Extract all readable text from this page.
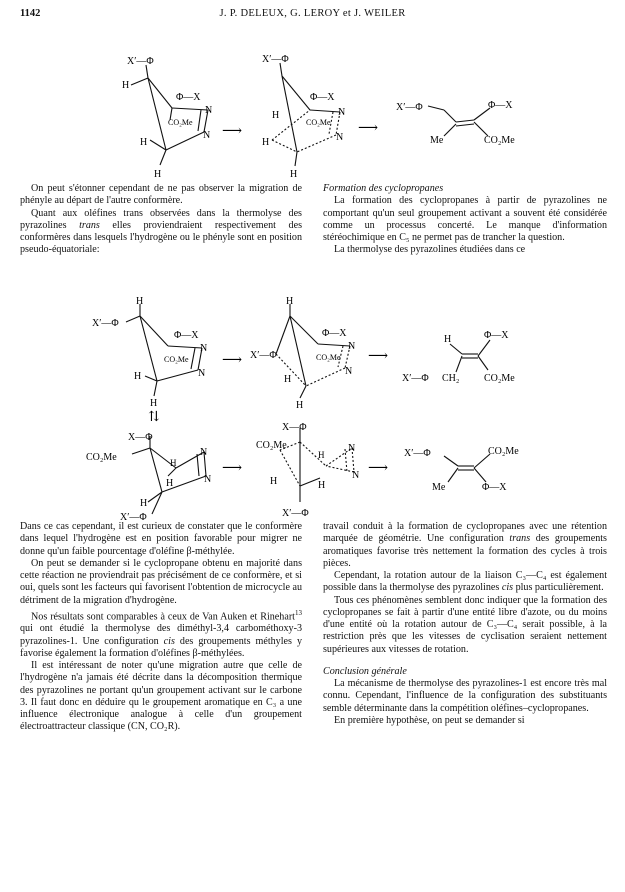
1142	J. P. DELEUX, G. LEROY et J. WEILER
X′—Φ
H
Φ—X
CO₂Me
N
N
H
H
⟶
X′—Φ
Φ—X
CO₂Me
N
N
H
H
H
⟶
X′—Φ	Φ—X
Me	CO₂Me

On peut s'étonner cependant de ne pas observer la migration de phényle au départ de l'autre conformère.

Quant aux oléfines trans observées dans la thermolyse des pyrazolines trans elles proviendraient respectivement des conformères dans lesquels l'hydrogène ou le phényle sont en position pseudo-équatoriale:

Formation des cyclopropanes

La formation des cyclopropanes à partir de pyrazolines ne comportant qu'un seul groupement activant a souvent été considérée comme un processus concerté. Le manque d'information stéréochimique en C₅ ne permet pas de trancher la question.

La thermolyse des pyrazolines étudiées dans ce

H
X′—Φ
Φ—X
CO₂Me
N
N
H
H
⟶
H
X′—Φ
Φ—X
CO₂Me
N
N
H
H
⟶
H	Φ—X
X′—Φ CH₂ CO₂Me
⇅
X—Φ
CO₂Me	H
N
N
H
H
X′—Φ
⟶
X—Φ
CO₂Me
H
N
N
H	H
X′—Φ
⟶
X′—Φ	CO₂Me
Me	Φ—X

Dans ce cas cependant, il est curieux de constater que le conformère dans lequel l'hydrogène est en position favorable pour migrer ne donne qu'un faible pourcentage d'oléfine β-méthylée.

On peut se demander si le cyclopropane obtenu en majorité dans cette réaction ne proviendrait pas précisément de ce conformère, et si oui, quels sont les facteurs qui favorisent l'obtention de microcycle au détriment de la migration d'hydrogène.

Nos résultats sont comparables à ceux de Van Auken et Rinehart$^{13}$ qui ont étudié la thermolyse des diméthyl-3,4 carbométhoxy-3 pyrazolines-1. Une configuration cis des groupements méthyles y favorise également la formation d'oléfines β-méthylées.

Il est intéressant de noter qu'une migration autre que celle de l'hydrogène n'a jamais été décrite dans la décomposition thermique des pyrazolines ne portant qu'un groupement activant sur le carbone 3. Il faut donc en déduire qu le groupement aromatique en C₃ a une influence électronique analogue à celle d'un groupement électroattracteur classique (CN, CO₂R).

travail conduit à la formation de cyclopropanes avec une rétention marquée de géométrie. Une configuration trans des groupements aromatiques favorise très nettement la formation des cycles à trois pièces.

Cependant, la rotation autour de la liaison C₃—C₄ est également possible dans la thermolyse des pyrazolines cis plus particulièrement.

Tous ces phénomènes semblent donc indiquer que la formation des cyclopropanes se fait à partir d'une entité libre d'azote, ou du moins d'une entité où la rotation autour de C₃—C₄ serait possible, à la restriction près que les vitesses de cyclisation seraient nettement supérieures aux vitesses de rotation.

Conclusion générale

La mécanisme de thermolyse des pyrazolines-1 est encore très mal connu. Cependant, l'influence de la configuration des substituants semble déterminante dans la compétition oléfines–cyclopropanes.

En première hypothèse, on peut se demander si
